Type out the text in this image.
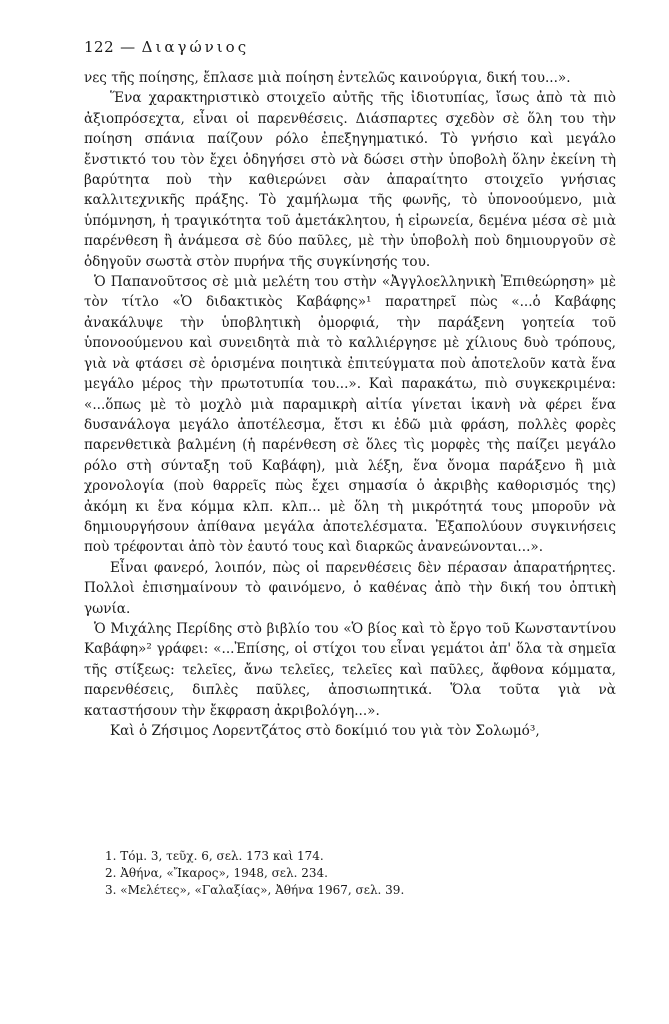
122 — Διαγώνιος

νες τῆς ποίησης, ἔπλασε μιὰ ποίηση ἐντελῶς καινούργια, δική του...».

Ἕνα χαρακτηριστικὸ στοιχεῖο αὐτῆς τῆς ἰδιοτυπίας, ἴσως ἀπὸ τὰ πιὸ ἀξιοπρόσεχτα, εἶναι οἱ παρενθέσεις. Διάσπαρτες σχεδὸν σὲ ὅλη του τὴν ποίηση σπάνια παίζουν ρόλο ἐπεξηγηματικό. Τὸ γνήσιο καὶ μεγάλο ἔνστικτό του τὸν ἔχει ὁδηγήσει στὸ νὰ δώσει στὴν ὑποβολὴ ὅλην ἐκείνη τὴ βαρύτητα ποὺ τὴν καθιερώνει σὰν ἀπαραίτητο στοιχεῖο γνήσιας καλλιτεχνικῆς πράξης. Τὸ χαμήλωμα τῆς φωνῆς, τὸ ὑπονοούμενο, μιὰ ὑπόμνηση, ἡ τραγικότητα τοῦ ἀμετάκλητου, ἡ εἰρωνεία, δεμένα μέσα σὲ μιὰ παρένθεση ἢ ἀνάμεσα σὲ δύο παῦλες, μὲ τὴν ὑποβολὴ ποὺ δημιουργοῦν σὲ ὁδηγοῦν σωστὰ στὸν πυρήνα τῆς συγκίνησής του.

Ὁ Παπανοῦτσος σὲ μιὰ μελέτη του στὴν «Ἀγγλοελληνικὴ Ἐπιθεώρηση» μὲ τὸν τίτλο «Ὁ διδακτικὸς Καβάφης»¹ παρατηρεῖ πὼς «...ὁ Καβάφης ἀνακάλυψε τὴν ὑποβλητικὴ ὀμορφιά, τὴν παράξενη γοητεία τοῦ ὑπονοούμενου καὶ συνειδητὰ πιὰ τὸ καλλιέργησε μὲ χίλιους δυὸ τρόπους, γιὰ νὰ φτάσει σὲ ὁρισμένα ποιητικὰ ἐπιτεύγματα ποὺ ἀποτελοῦν κατὰ ἕνα μεγάλο μέρος τὴν πρωτοτυπία του...». Καὶ παρακάτω, πιὸ συγκεκριμένα: «...ὅπως μὲ τὸ μοχλὸ μιὰ παραμικρὴ αἰτία γίνεται ἱκανὴ νὰ φέρει ἕνα δυσανάλογα μεγάλο ἀποτέλεσμα, ἔτσι κι ἐδῶ μιὰ φράση, πολλὲς φορὲς παρενθετικὰ βαλμένη (ἡ παρένθεση σὲ ὅλες τὶς μορφὲς τὴς παίζει μεγάλο ρόλο στὴ σύνταξη τοῦ Καβάφη), μιὰ λέξη, ἕνα ὄνομα παράξενο ἢ μιὰ χρονολογία (ποὺ θαρρεῖς πὼς ἔχει σημασία ὁ ἀκριβὴς καθορισμός της) ἀκόμη κι ἕνα κόμμα κλπ. κλπ... μὲ ὅλη τὴ μικρότητά τους μποροῦν νὰ δημιουργήσουν ἀπίθανα μεγάλα ἀποτελέσματα. Ἐξαπολύουν συγκινήσεις ποὺ τρέφονται ἀπὸ τὸν ἑαυτό τους καὶ διαρκῶς ἀνανεώνονται...».

Εἶναι φανερό, λοιπόν, πὼς οἱ παρενθέσεις δὲν πέρασαν ἀπαρατήρητες. Πολλοὶ ἐπισημαίνουν τὸ φαινόμενο, ὁ καθένας ἀπὸ τὴν δική του ὀπτικὴ γωνία.

Ὁ Μιχάλης Περίδης στὸ βιβλίο του «Ὁ βίος καὶ τὸ ἔργο τοῦ Κωνσταντίνου Καβάφη»² γράφει: «...Ἐπίσης, οἱ στίχοι του εἶναι γεμάτοι ἀπ' ὅλα τὰ σημεῖα τῆς στίξεως: τελεῖες, ἄνω τελεῖες, τελεῖες καὶ παῦλες, ἄφθονα κόμματα, παρενθέσεις, διπλὲς παῦλες, ἀποσιωπητικά. Ὅλα τοῦτα γιὰ νὰ καταστήσουν τὴν ἔκφραση ἀκριβολόγη...».

Καὶ ὁ Ζήσιμος Λορεντζάτος στὸ δοκίμιό του γιὰ τὸν Σολωμό³,

1. Τόμ. 3, τεῦχ. 6, σελ. 173 καὶ 174.
2. Ἀθήνα, «Ἴκαρος», 1948, σελ. 234.
3. «Μελέτες», «Γαλαξίας», Ἀθήνα 1967, σελ. 39.
